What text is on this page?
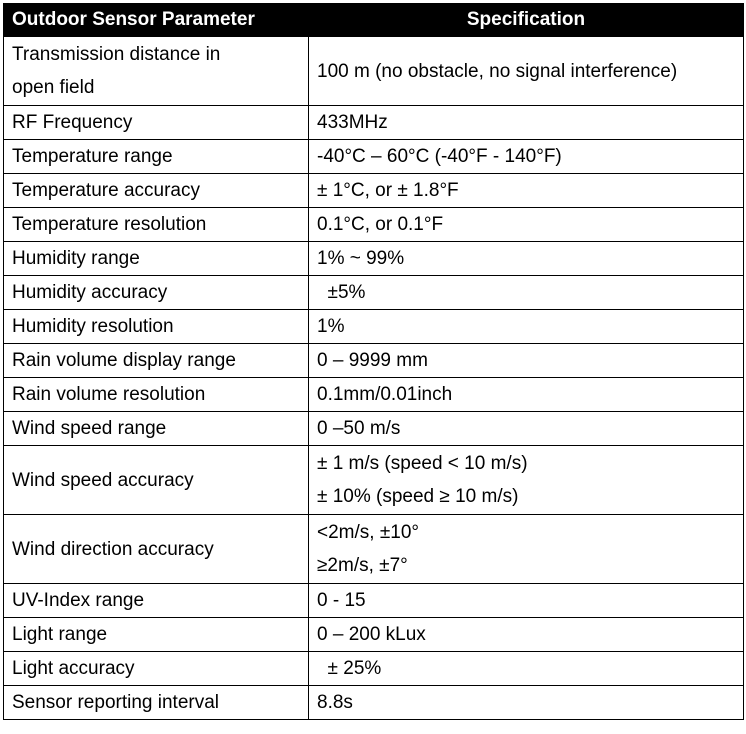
Outdoor Sensor Parameter	Specification

Transmission distance in
open field	100 m (no obstacle, no signal interference)

RF Frequency	433MHz

Temperature range	-40°C – 60°C (-40°F - 140°F)

Temperature accuracy	± 1°C, or ± 1.8°F

Temperature resolution	0.1°C, or 0.1°F

Humidity range	1% ~ 99%

Humidity accuracy	±5%

Humidity resolution	1%

Rain volume display range	0 – 9999 mm

Rain volume resolution	0.1mm/0.01inch

Wind speed range	0 –50 m/s

Wind speed accuracy	± 1 m/s (speed < 10 m/s)
± 10% (speed ≥ 10 m/s)

Wind direction accuracy	<2m/s, ±10°
≥2m/s, ±7°

UV-Index range	0 - 15

Light range	0 – 200 kLux

Light accuracy	± 25%

Sensor reporting interval	8.8s
